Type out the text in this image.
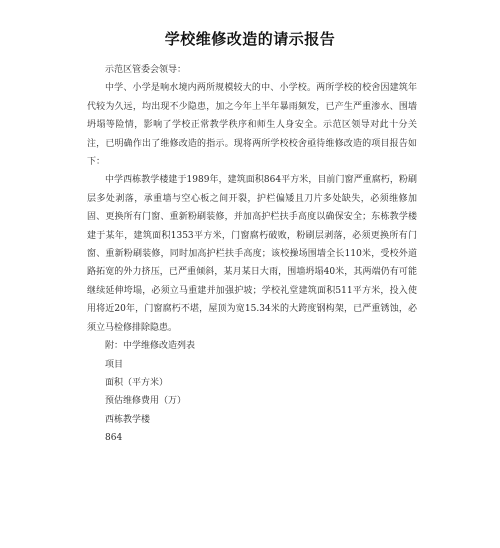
学校维修改造的请示报告

示范区管委会领导：

中学、小学是响水境内两所规模较大的中、小学校。两所学校的校舍因建筑年代较为久远，均出现不少隐患，加之今年上半年暴雨频发，已产生严重渗水、围墙坍塌等险情，影响了学校正常教学秩序和师生人身安全。示范区领导对此十分关注，已明确作出了维修改造的指示。现将两所学校校舍亟待维修改造的项目报告如下：

中学西栋教学楼建于1989年，建筑面积864平方米，目前门窗严重腐朽，粉刷层多处剥落，承重墙与空心板之间开裂，护栏偏矮且刀片多处缺失，必须维修加固、更换所有门窗、重新粉刷装修，并加高护栏扶手高度以确保安全；东栋教学楼建于某年，建筑面积1353平方米，门窗腐朽破败，粉刷层剥落，必须更换所有门窗、重新粉刷装修，同时加高护栏扶手高度；该校操场围墙全长110米，受校外道路拓宽的外力挤压，已严重倾斜，某月某日大雨，围墙坍塌40米，其两端仍有可能继续延伸垮塌，必须立马重建并加强护坡；学校礼堂建筑面积511平方米，投入使用将近20年，门窗腐朽不堪，屋顶为宽15.34米的大跨度钢构架，已严重锈蚀，必须立马检修排除隐患。

附：中学维修改造列表

项目

面积（平方米）

预估维修费用（万）

西栋教学楼

864
